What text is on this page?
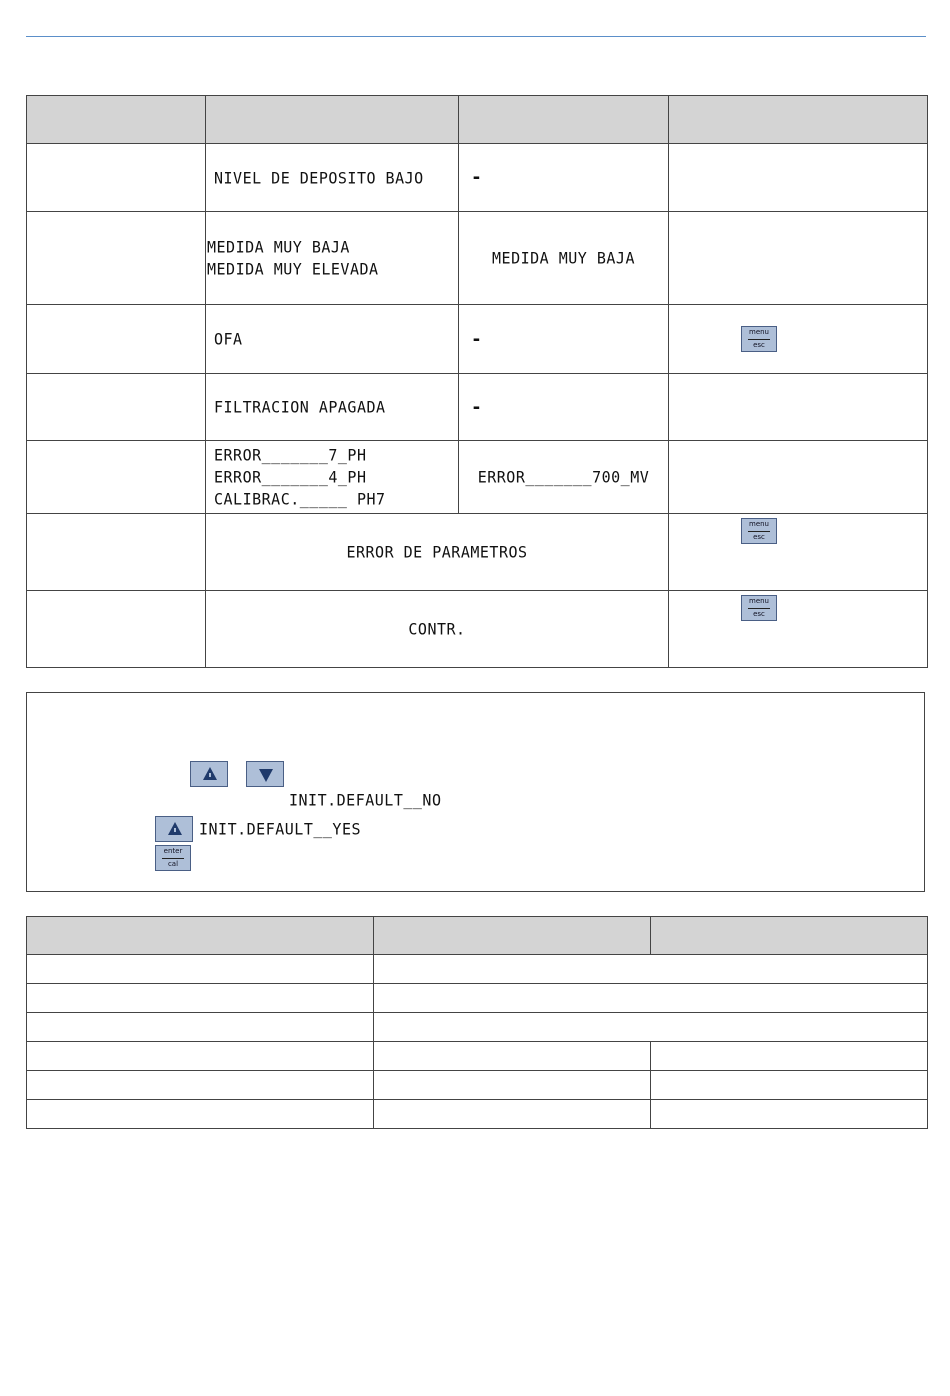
	NIVEL DE DEPOSITO BAJO	-	

	MEDIDA MUY BAJA
MEDIDA MUY ELEVADA	MEDIDA MUY BAJA	

	OFA	-	menu
esc

	FILTRACION APAGADA	-	

	ERROR_______7_PH
ERROR_______4_PH
CALIBRAC._____ PH7	ERROR_______700_MV	

	ERROR DE PARAMETROS		menu
esc

	CONTR.		menu
esc
INIT.DEFAULT__NO
INIT.DEFAULT__YES
enter
cal
